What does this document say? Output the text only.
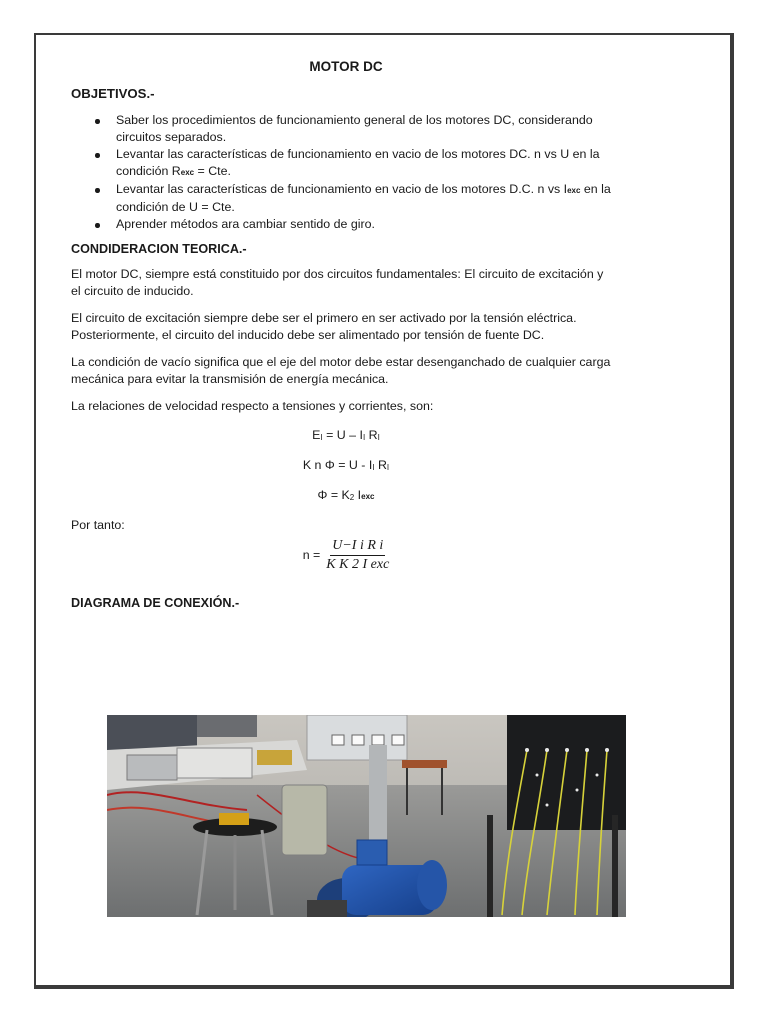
MOTOR DC
OBJETIVOS.-
Saber los procedimientos de funcionamiento general de los motores DC, considerando circuitos separados.
Levantar las características de funcionamiento en vacio de los motores DC. n vs U en la condición Rexc = Cte.
Levantar las características de funcionamiento en vacio de los motores D.C. n vs Iexc en la condición de U = Cte.
Aprender métodos ara cambiar sentido de giro.
CONDIDERACION TEORICA.-

El motor DC, siempre está constituido por dos circuitos fundamentales: El circuito de excitación y el circuito de inducido.

El circuito de excitación siempre debe ser el primero en ser activado por la tensión eléctrica. Posteriormente, el circuito del inducido debe ser alimentado por tensión de fuente DC.

La condición de vacío significa que el eje del motor debe estar desenganchado de cualquier carga mecánica para evitar la transmisión de energía mecánica.

La relaciones de velocidad respecto a tensiones y corrientes, son:

EI = U – II RI
K n Φ = U - II RI
Φ = K2 Iexc

Por tanto:

$n = \frac{\text{U−I i R i}}{\text{K K 2 I exc}}$
DIAGRAMA DE CONEXIÓN.-
